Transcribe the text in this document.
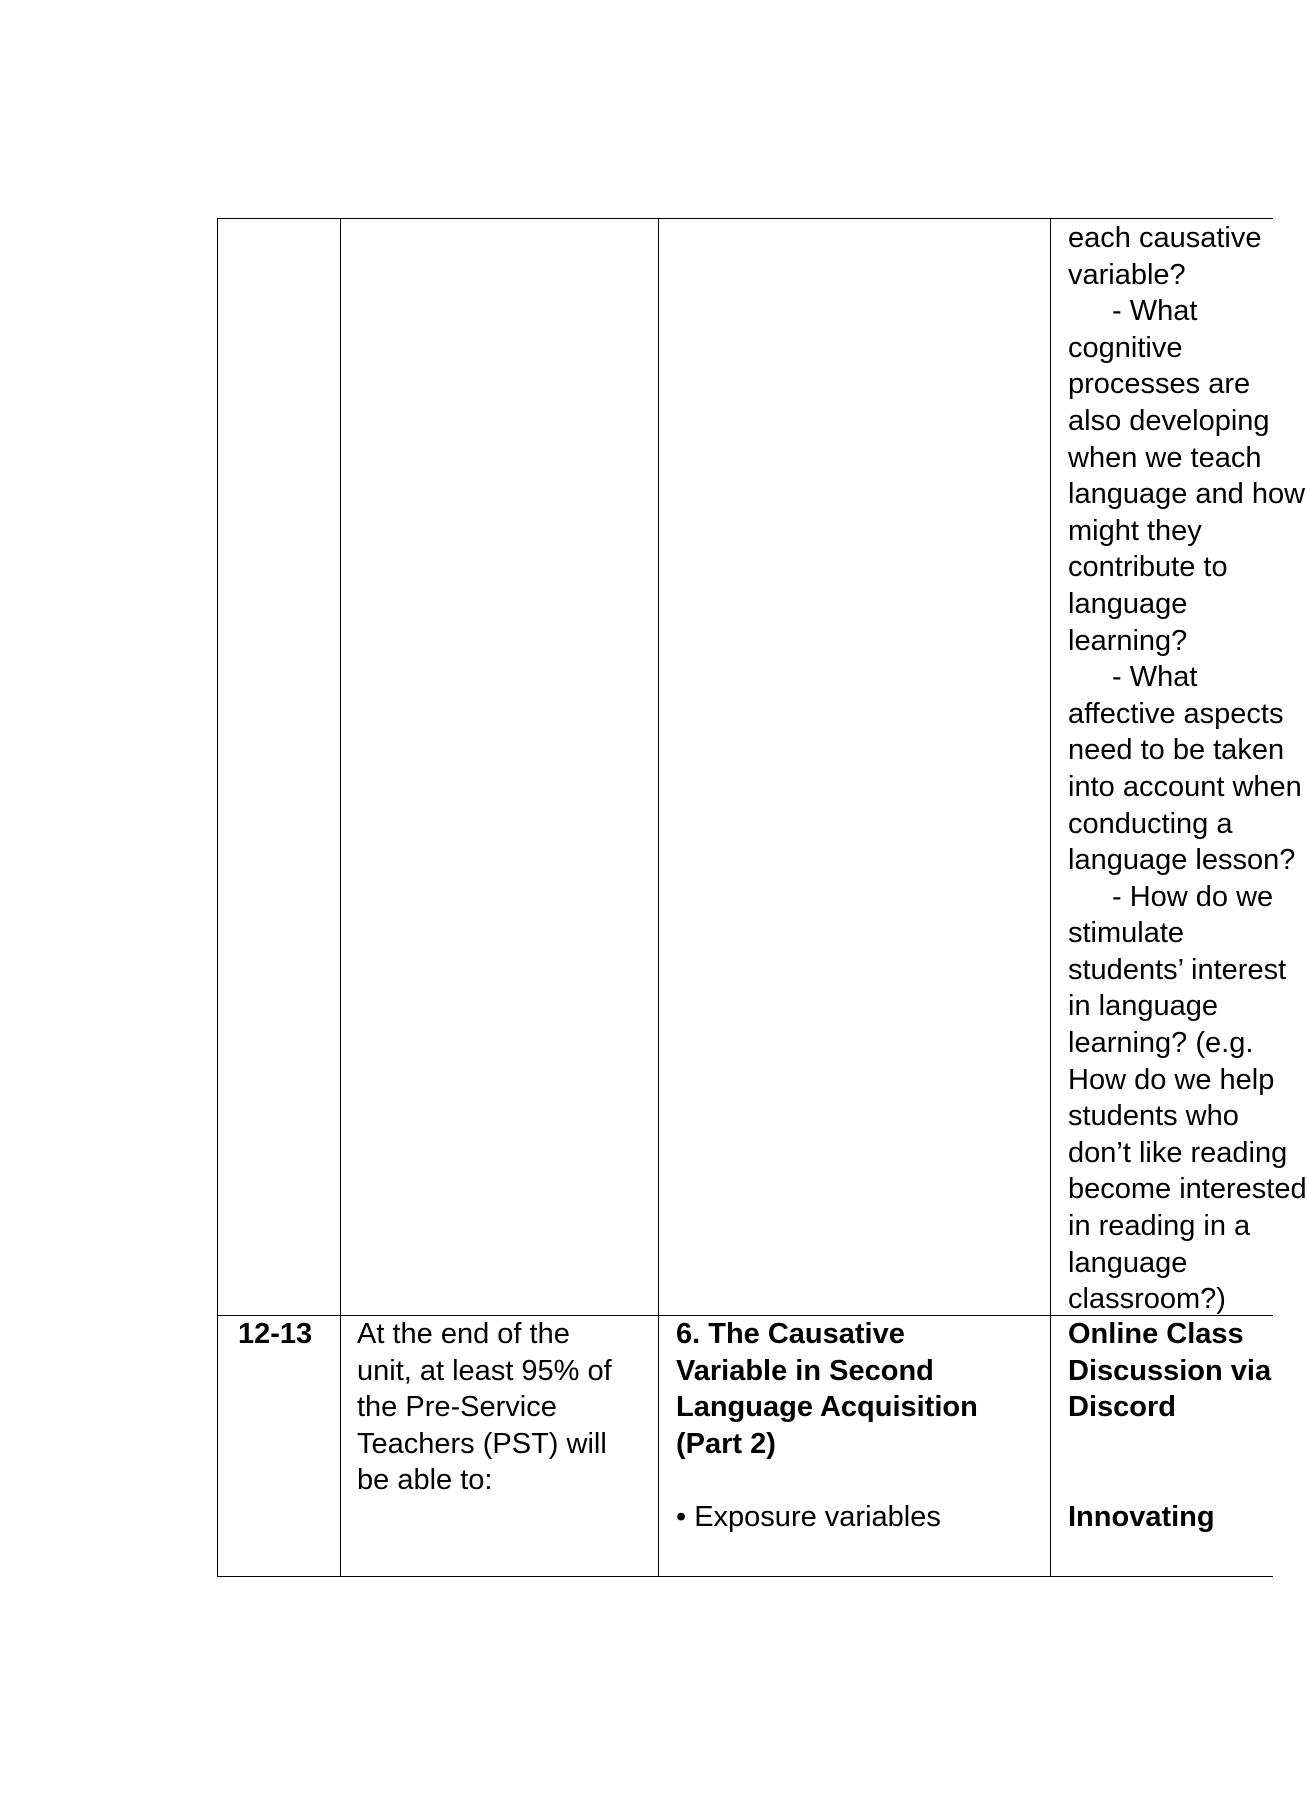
each causative
variable?
- What
cognitive
processes are
also developing
when we teach
language and how
might they
contribute to
language
learning?
- What
affective aspects
need to be taken
into account when
conducting a
language lesson?
- How do we
stimulate
students’ interest
in language
learning? (e.g.
How do we help
students who
don’t like reading
become interested
in reading in a
language
classroom?)
12-13 At the end of the
unit, at least 95% of
the Pre-Service
Teachers (PST) will
be able to:
6. The Causative
Variable in Second
Language Acquisition
(Part 2)
• Exposure variables
Online Class
Discussion via
Discord
Innovating
